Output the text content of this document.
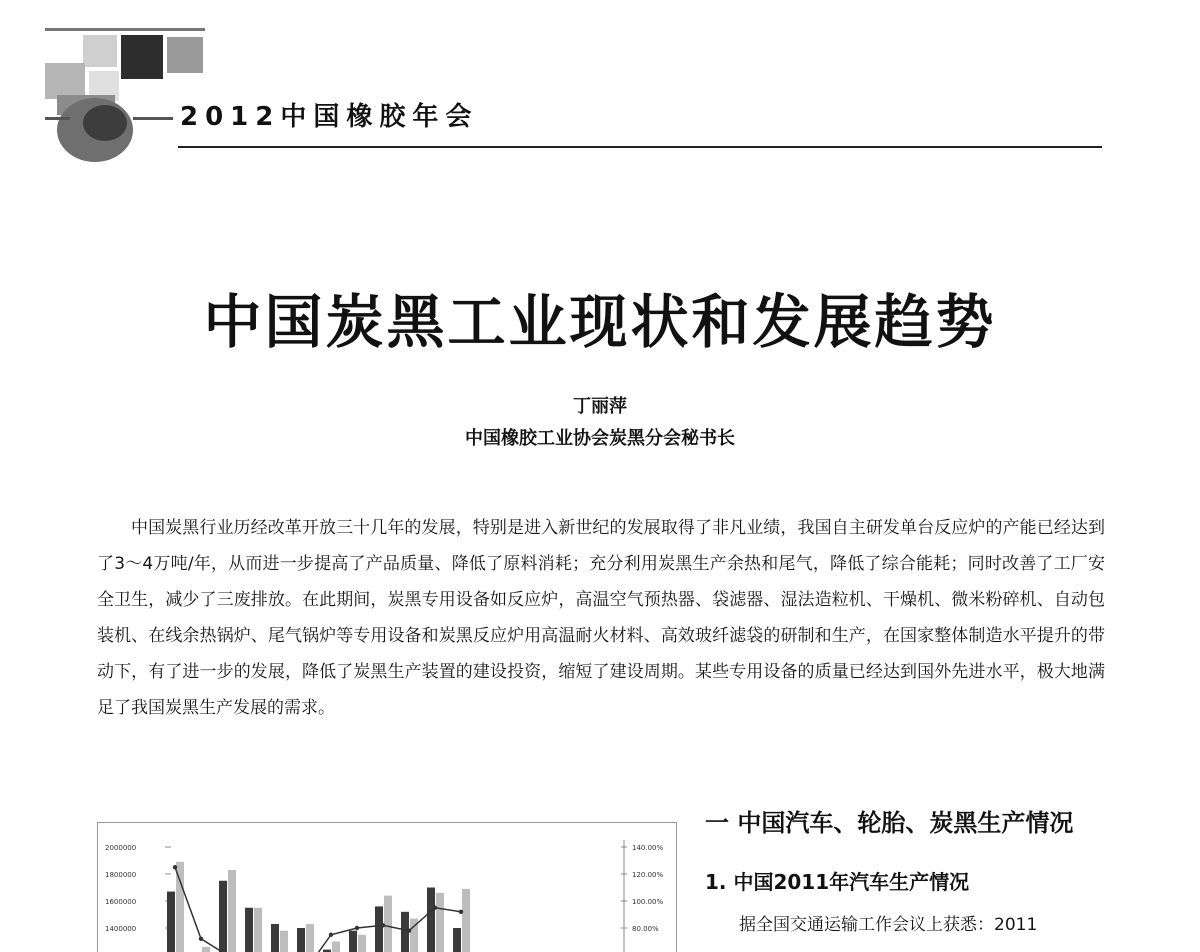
2012中国橡胶年会
中国炭黑工业现状和发展趋势
丁丽萍
中国橡胶工业协会炭黑分会秘书长

中国炭黑行业历经改革开放三十几年的发展，特别是进入新世纪的发展取得了非凡业绩，我国自主研发单台反应炉的产能已经达到了3～4万吨/年，从而进一步提高了产品质量、降低了原料消耗；充分利用炭黑生产余热和尾气，降低了综合能耗；同时改善了工厂安全卫生，减少了三废排放。在此期间，炭黑专用设备如反应炉，高温空气预热器、袋滤器、湿法造粒机、干燥机、微米粉碎机、自动包装机、在线余热锅炉、尾气锅炉等专用设备和炭黑反应炉用高温耐火材料、高效玻纤滤袋的研制和生产，在国家整体制造水平提升的带动下，有了进一步的发展，降低了炭黑生产装置的建设投资，缩短了建设周期。某些专用设备的质量已经达到国外先进水平，极大地满足了我国炭黑生产发展的需求。

2000000
1800000
1600000
1400000
140.00%
120.00%
100.00%
80.00%
一 中国汽车、轮胎、炭黑生产情况
1. 中国2011年汽车生产情况

据全国交通运输工作会议上获悉：2011
